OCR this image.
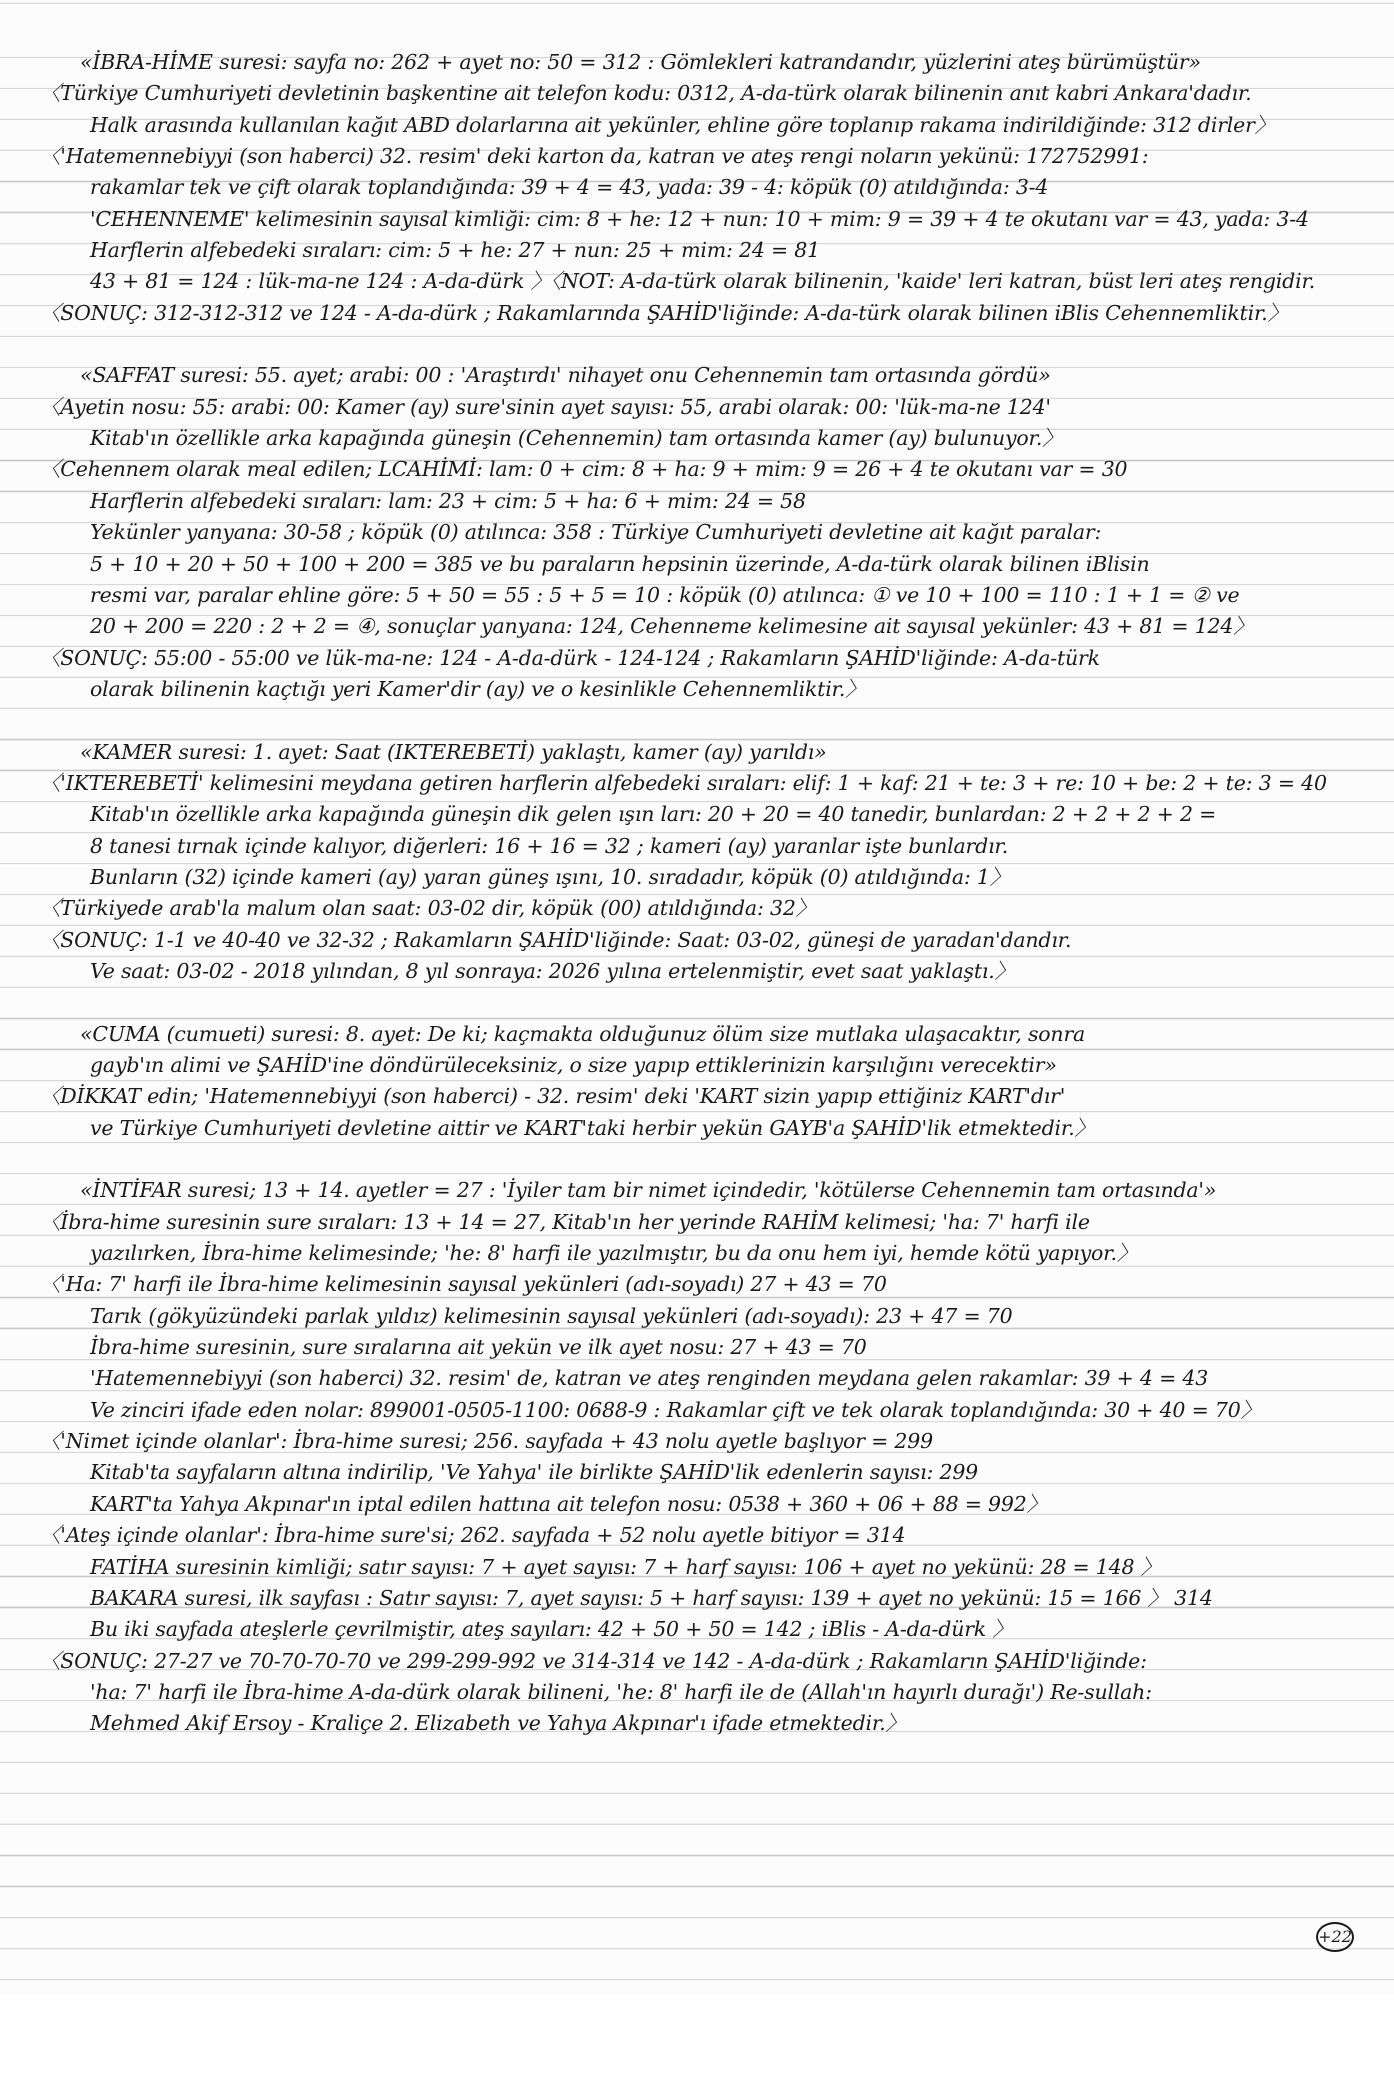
«İBRA-HİME suresi: sayfa no: 262 + ayet no: 50 = 312 : Gömlekleri katrandandır, yüzlerini ateş bürümüştür»
〈Türkiye Cumhuriyeti devletinin başkentine ait telefon kodu: 0312, A-da-türk olarak bilinenin anıt kabri Ankara'dadır.
Halk arasında kullanılan kağıt ABD dolarlarına ait yekünler, ehline göre toplanıp rakama indirildiğinde: 312 dirler〉
〈'Hatemennebiyyi (son haberci) 32. resim' deki karton da, katran ve ateş rengi noların yekünü: 172752991:
rakamlar tek ve çift olarak toplandığında: 39 + 4 = 43, yada: 39 - 4: köpük (0) atıldığında: 3-4
'CEHENNEME' kelimesinin sayısal kimliği: cim: 8 + he: 12 + nun: 10 + mim: 9 = 39 + 4 te okutanı var = 43, yada: 3-4
Harflerin alfebedeki sıraları: cim: 5 + he: 27 + nun: 25 + mim: 24 = 81
43 + 81 = 124 : lük-ma-ne 124 : A-da-dürk 〉〈NOT: A-da-türk olarak bilinenin, 'kaide' leri katran, büst leri ateş rengidir.
〈SONUÇ: 312-312-312 ve 124 - A-da-dürk ; Rakamlarında ŞAHİD'liğinde: A-da-türk olarak bilinen iBlis Cehennemliktir.〉
«SAFFAT suresi: 55. ayet; arabi: 00 : 'Araştırdı' nihayet onu Cehennemin tam ortasında gördü»
〈Ayetin nosu: 55: arabi: 00: Kamer (ay) sure'sinin ayet sayısı: 55, arabi olarak: 00: 'lük-ma-ne 124'
Kitab'ın özellikle arka kapağında güneşin (Cehennemin) tam ortasında kamer (ay) bulunuyor.〉
〈Cehennem olarak meal edilen; LCAHİMİ: lam: 0 + cim: 8 + ha: 9 + mim: 9 = 26 + 4 te okutanı var = 30
Harflerin alfebedeki sıraları: lam: 23 + cim: 5 + ha: 6 + mim: 24 = 58
Yekünler yanyana: 30-58 ; köpük (0) atılınca: 358 : Türkiye Cumhuriyeti devletine ait kağıt paralar:
5 + 10 + 20 + 50 + 100 + 200 = 385 ve bu paraların hepsinin üzerinde, A-da-türk olarak bilinen iBlisin
resmi var, paralar ehline göre: 5 + 50 = 55 : 5 + 5 = 10 : köpük (0) atılınca: ① ve 10 + 100 = 110 : 1 + 1 = ② ve
20 + 200 = 220 : 2 + 2 = ④, sonuçlar yanyana: 124, Cehenneme kelimesine ait sayısal yekünler: 43 + 81 = 124〉
〈SONUÇ: 55:00 - 55:00 ve lük-ma-ne: 124 - A-da-dürk - 124-124 ; Rakamların ŞAHİD'liğinde: A-da-türk
olarak bilinenin kaçtığı yeri Kamer'dir (ay) ve o kesinlikle Cehennemliktir.〉
«KAMER suresi: 1. ayet: Saat (IKTEREBETİ) yaklaştı, kamer (ay) yarıldı»
〈'IKTEREBETİ' kelimesini meydana getiren harflerin alfebedeki sıraları: elif: 1 + kaf: 21 + te: 3 + re: 10 + be: 2 + te: 3 = 40
Kitab'ın özellikle arka kapağında güneşin dik gelen ışın ları: 20 + 20 = 40 tanedir, bunlardan: 2 + 2 + 2 + 2 =
8 tanesi tırnak içinde kalıyor, diğerleri: 16 + 16 = 32 ; kameri (ay) yaranlar işte bunlardır.
Bunların (32) içinde kameri (ay) yaran güneş ışını, 10. sıradadır, köpük (0) atıldığında: 1〉
〈Türkiyede arab'la malum olan saat: 03-02 dir, köpük (00) atıldığında: 32〉
〈SONUÇ: 1-1 ve 40-40 ve 32-32 ; Rakamların ŞAHİD'liğinde: Saat: 03-02, güneşi de yaradan'dandır.
Ve saat: 03-02 - 2018 yılından, 8 yıl sonraya: 2026 yılına ertelenmiştir, evet saat yaklaştı.〉
«CUMA (cumueti) suresi: 8. ayet: De ki; kaçmakta olduğunuz ölüm size mutlaka ulaşacaktır, sonra
gayb'ın alimi ve ŞAHİD'ine döndürüleceksiniz, o size yapıp ettiklerinizin karşılığını verecektir»
〈DİKKAT edin; 'Hatemennebiyyi (son haberci) - 32. resim' deki 'KART sizin yapıp ettiğiniz KART'dır'
ve Türkiye Cumhuriyeti devletine aittir ve KART'taki herbir yekün GAYB'a ŞAHİD'lik etmektedir.〉
«İNTİFAR suresi; 13 + 14. ayetler = 27 : 'İyiler tam bir nimet içindedir, 'kötülerse Cehennemin tam ortasında'»
〈İbra-hime suresinin sure sıraları: 13 + 14 = 27, Kitab'ın her yerinde RAHİM kelimesi; 'ha: 7' harfi ile
yazılırken, İbra-hime kelimesinde; 'he: 8' harfi ile yazılmıştır, bu da onu hem iyi, hemde kötü yapıyor.〉
〈'Ha: 7' harfi ile İbra-hime kelimesinin sayısal yekünleri (adı-soyadı) 27 + 43 = 70
Tarık (gökyüzündeki parlak yıldız) kelimesinin sayısal yekünleri (adı-soyadı): 23 + 47 = 70
İbra-hime suresinin, sure sıralarına ait yekün ve ilk ayet nosu: 27 + 43 = 70
'Hatemennebiyyi (son haberci) 32. resim' de, katran ve ateş renginden meydana gelen rakamlar: 39 + 4 = 43
Ve zinciri ifade eden nolar: 899001-0505-1100: 0688-9 : Rakamlar çift ve tek olarak toplandığında: 30 + 40 = 70〉
〈'Nimet içinde olanlar': İbra-hime suresi; 256. sayfada + 43 nolu ayetle başlıyor = 299
Kitab'ta sayfaların altına indirilip, 'Ve Yahya' ile birlikte ŞAHİD'lik edenlerin sayısı: 299
KART'ta Yahya Akpınar'ın iptal edilen hattına ait telefon nosu: 0538 + 360 + 06 + 88 = 992〉
〈'Ateş içinde olanlar': İbra-hime sure'si; 262. sayfada + 52 nolu ayetle bitiyor = 314
FATİHA suresinin kimliği; satır sayısı: 7 + ayet sayısı: 7 + harf sayısı: 106 + ayet no yekünü: 28 = 148 〉
BAKARA suresi, ilk sayfası : Satır sayısı: 7, ayet sayısı: 5 + harf sayısı: 139 + ayet no yekünü: 15 = 166 〉 314
Bu iki sayfada ateşlerle çevrilmiştir, ateş sayıları: 42 + 50 + 50 = 142 ; iBlis - A-da-dürk 〉
〈SONUÇ: 27-27 ve 70-70-70-70 ve 299-299-992 ve 314-314 ve 142 - A-da-dürk ; Rakamların ŞAHİD'liğinde:
'ha: 7' harfi ile İbra-hime A-da-dürk olarak bilineni, 'he: 8' harfi ile de (Allah'ın hayırlı durağı') Re-sullah:
Mehmed Akif Ersoy - Kraliçe 2. Elizabeth ve Yahya Akpınar'ı ifade etmektedir.〉
+22
